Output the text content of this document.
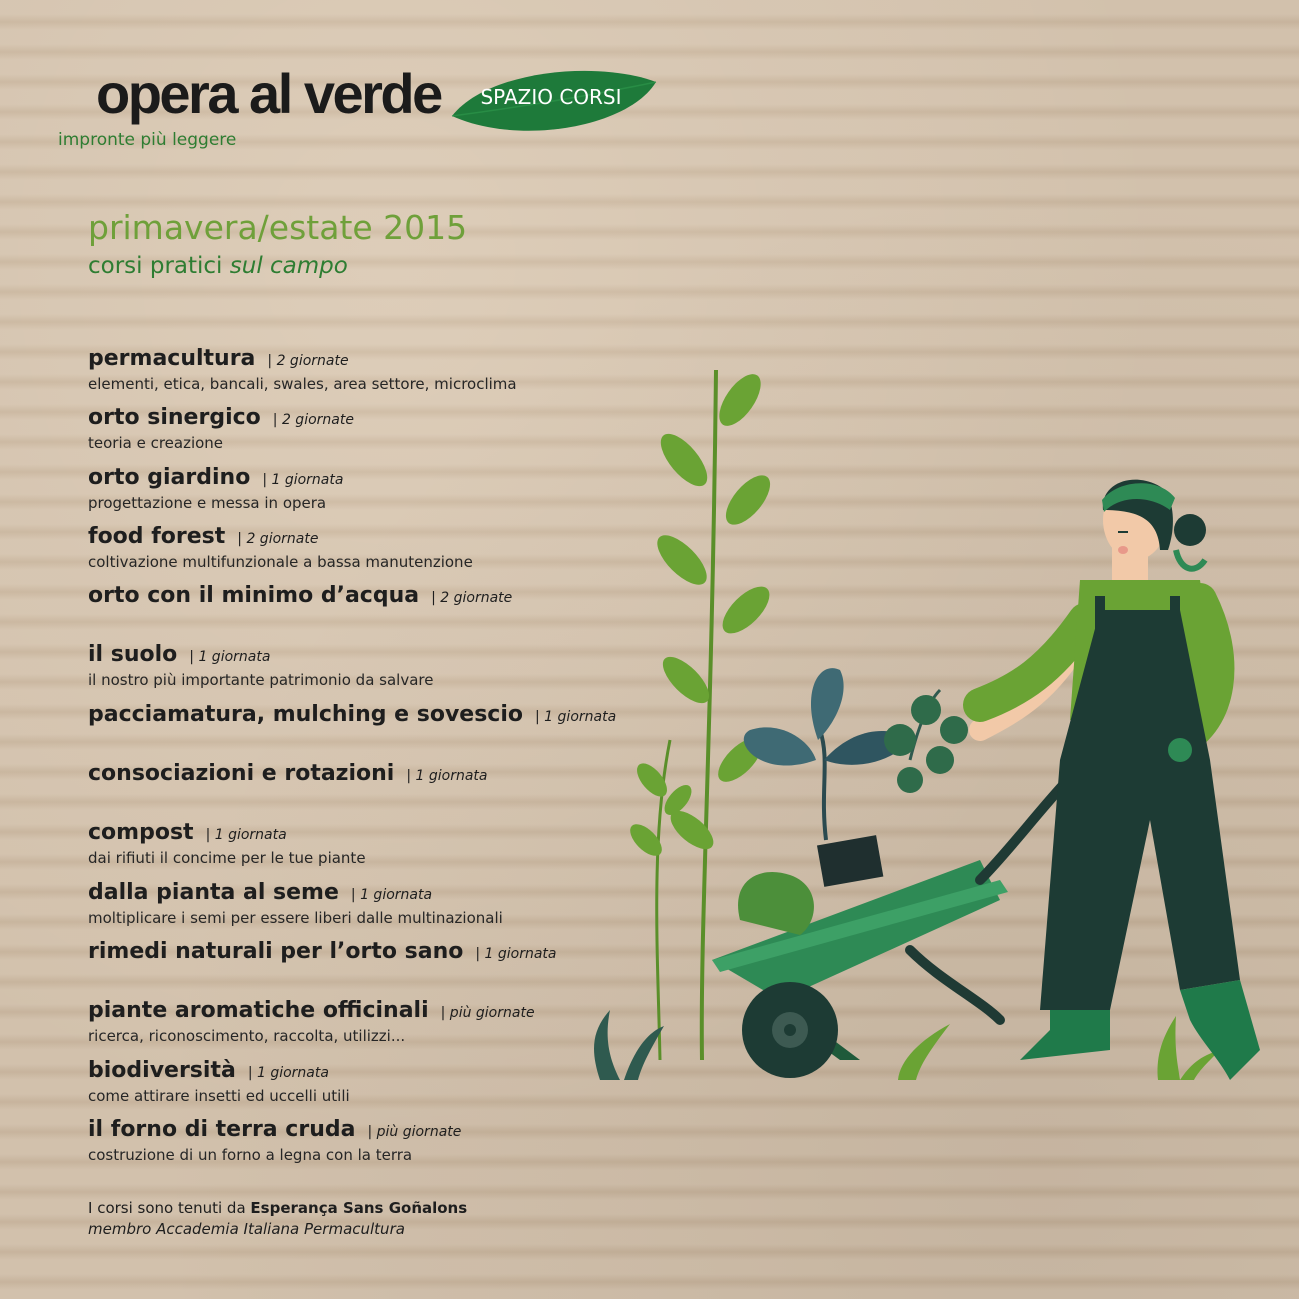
opera al verde
impronte più leggere
SPAZIO CORSI
primavera/estate 2015
corsi pratici sul campo
permacultura | 2 giornate
elementi, etica, bancali, swales, area settore, microclima
orto sinergico | 2 giornate
teoria e creazione
orto giardino | 1 giornata
progettazione e messa in opera
food forest | 2 giornate
coltivazione multifunzionale a bassa manutenzione
orto con il minimo d’acqua | 2 giornate
il suolo | 1 giornata
il nostro più importante patrimonio da salvare
pacciamatura, mulching e sovescio | 1 giornata
consociazioni e rotazioni | 1 giornata
compost | 1 giornata
dai rifiuti il concime per le tue piante
dalla pianta al seme | 1 giornata
moltiplicare i semi per essere liberi dalle multinazionali
rimedi naturali per l’orto sano | 1 giornata
piante aromatiche officinali | più giornate
ricerca, riconoscimento, raccolta, utilizzi...
biodiversità | 1 giornata
come attirare insetti ed uccelli utili
il forno di terra cruda | più giornate
costruzione di un forno a legna con la terra
I corsi sono tenuti da Esperança Sans Goñalons
membro Accademia Italiana Permacultura
